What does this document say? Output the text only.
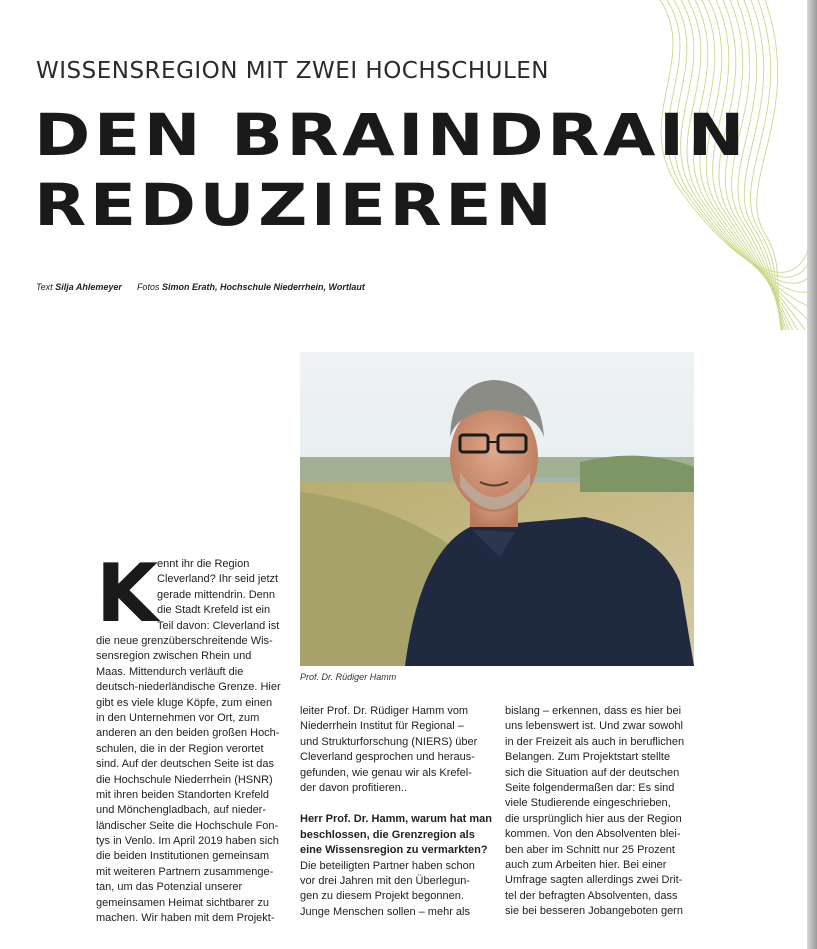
WISSENSREGION MIT ZWEI HOCHSCHULEN
DEN BRAINDRAIN
REDUZIEREN
Text Silja Ahlemeyer Fotos Simon Erath, Hochschule Niederrhein, Wortlaut
Prof. Dr. Rüdiger Hamm
K ennt ihr die Region
Cleverland? Ihr seid jetzt
gerade mittendrin. Denn
die Stadt Krefeld ist ein
Teil davon: Cleverland ist
die neue grenzüberschreitende Wis-
sensregion zwischen Rhein und
Maas. Mittendurch verläuft die
deutsch-niederländische Grenze. Hier
gibt es viele kluge Köpfe, zum einen
in den Unternehmen vor Ort, zum
anderen an den beiden großen Hoch-
schulen, die in der Region verortet
sind. Auf der deutschen Seite ist das
die Hochschule Niederrhein (HSNR)
mit ihren beiden Standorten Krefeld
und Mönchengladbach, auf nieder-
ländischer Seite die Hochschule Fon-
tys in Venlo. Im April 2019 haben sich
die beiden Institutionen gemeinsam
mit weiteren Partnern zusammenge-
tan, um das Potenzial unserer
gemeinsamen Heimat sichtbarer zu
machen. Wir haben mit dem Projekt-
leiter Prof. Dr. Rüdiger Hamm vom
Niederrhein Institut für Regional –
und Strukturforschung (NIERS) über
Cleverland gesprochen und heraus-
gefunden, wie genau wir als Krefel-
der davon profitieren..
Herr Prof. Dr. Hamm, warum hat man
beschlossen, die Grenzregion als
eine Wissensregion zu vermarkten?
Die beteiligten Partner haben schon
vor drei Jahren mit den Überlegun-
gen zu diesem Projekt begonnen.
Junge Menschen sollen – mehr als
bislang – erkennen, dass es hier bei
uns lebenswert ist. Und zwar sowohl
in der Freizeit als auch in beruflichen
Belangen. Zum Projektstart stellte
sich die Situation auf der deutschen
Seite folgendermaßen dar: Es sind
viele Studierende eingeschrieben,
die ursprünglich hier aus der Region
kommen. Von den Absolventen blei-
ben aber im Schnitt nur 25 Prozent
auch zum Arbeiten hier. Bei einer
Umfrage sagten allerdings zwei Drit-
tel der befragten Absolventen, dass
sie bei besseren Jobangeboten gern
